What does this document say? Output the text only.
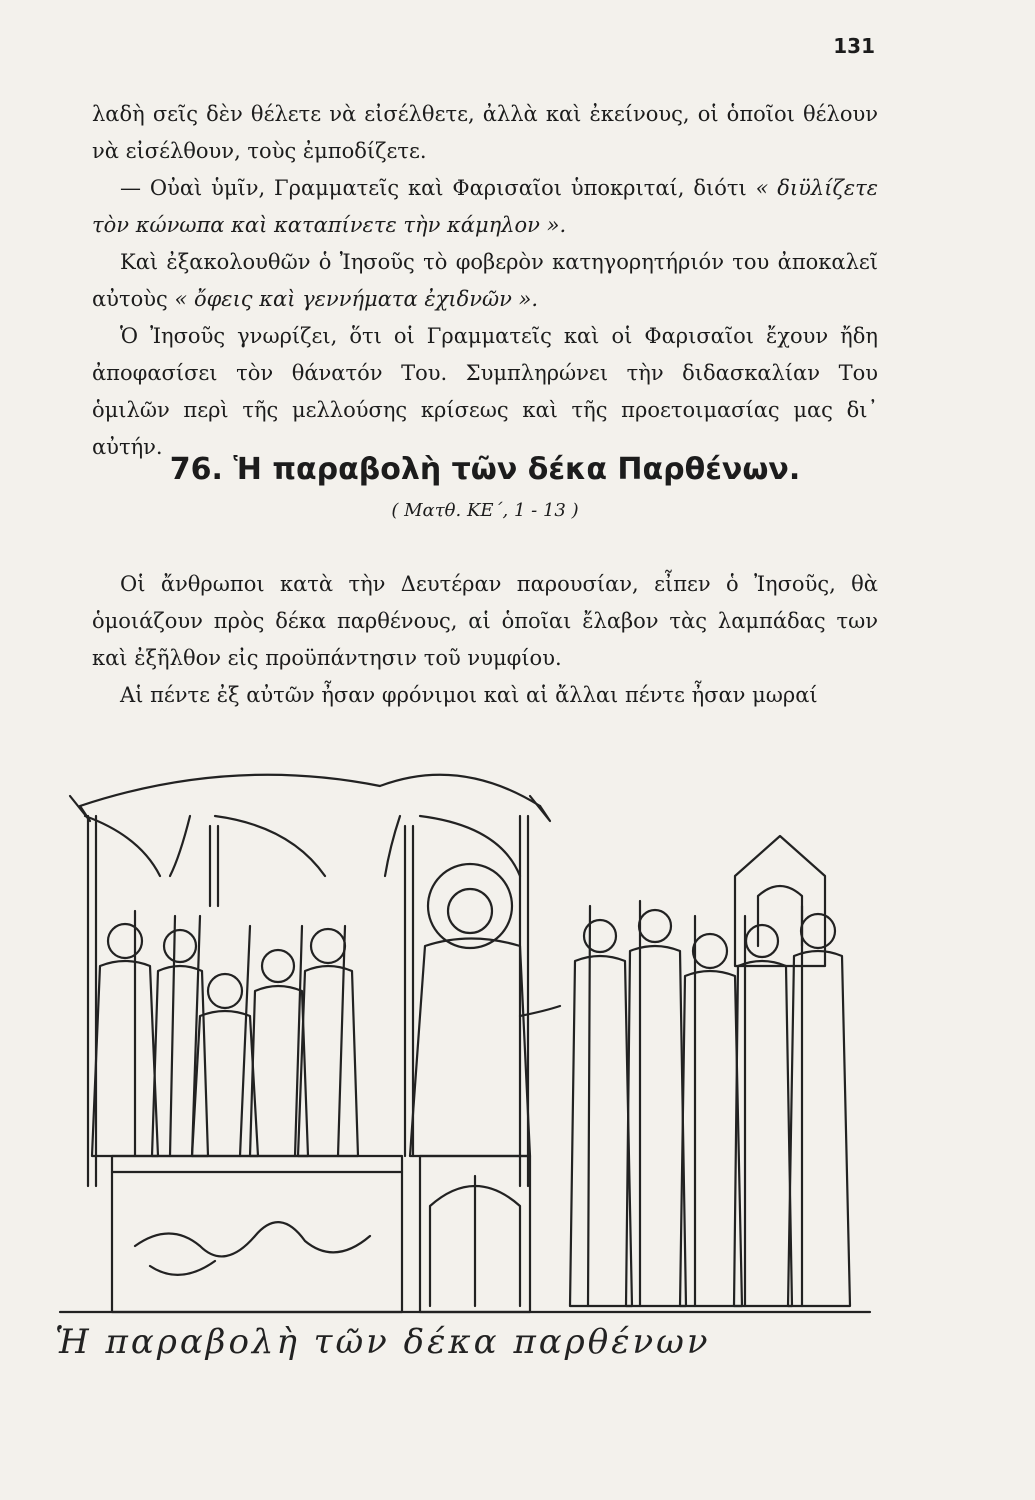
131

λαδὴ σεῖς δὲν θέλετε νὰ εἰσέλθετε, ἀλλὰ καὶ ἐκείνους, οἱ ὁποῖοι θέλουν νὰ εἰσέλθουν, τοὺς ἐμποδίζετε.

— Οὐαὶ ὑμῖν, Γραμματεῖς καὶ Φαρισαῖοι ὑποκριταί, διότι « διϋλίζετε τὸν κώνωπα καὶ καταπίνετε τὴν κάμηλον ».

Καὶ ἐξακολουθῶν ὁ Ἰησοῦς τὸ φοβερὸν κατηγορητήριόν του ἀποκαλεῖ αὐτοὺς « ὄφεις καὶ γεννήματα ἐχιδνῶν ».

Ὁ Ἰησοῦς γνωρίζει, ὅτι οἱ Γραμματεῖς καὶ οἱ Φαρισαῖοι ἔχουν ἤδη ἀποφασίσει τὸν θάνατόν Του. Συμπληρώνει τὴν διδασκαλίαν Του ὁμιλῶν περὶ τῆς μελλούσης κρίσεως καὶ τῆς προετοιμασίας μας δι᾿ αὐτήν.

76. Ἡ παραβολὴ τῶν δέκα Παρθένων.
( Ματθ. ΚΕ΄, 1 - 13 )

Οἱ ἄνθρωποι κατὰ τὴν Δευτέραν παρουσίαν, εἶπεν ὁ Ἰησοῦς, θὰ ὁμοιάζουν πρὸς δέκα παρθένους, αἱ ὁποῖαι ἔλαβον τὰς λαμπάδας των καὶ ἐξῆλθον εἰς προϋπάντησιν τοῦ νυμφίου.

Αἱ πέντε ἐξ αὐτῶν ἦσαν φρόνιμοι καὶ αἱ ἄλλαι πέντε ἦσαν μωραί

Ἡ παραβολὴ τῶν δέκα παρθένων
